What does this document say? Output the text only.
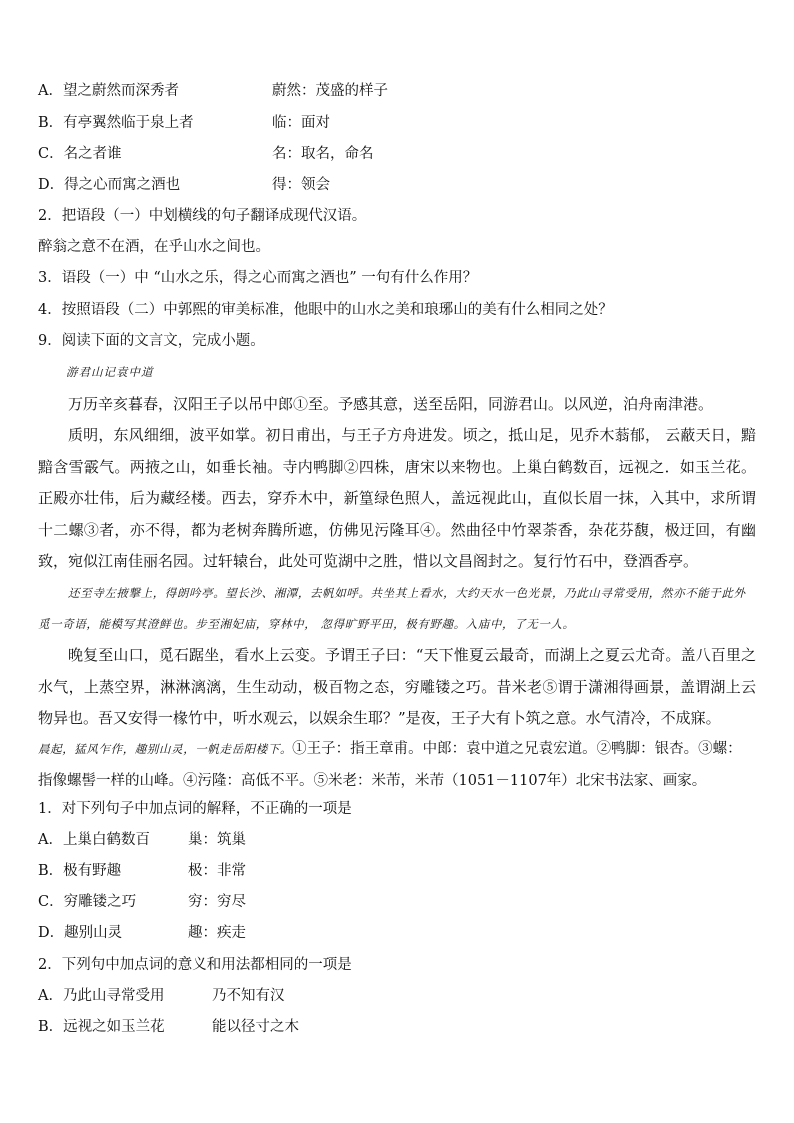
A．望之蔚然而深秀者	蔚然：茂盛的样子
B．有亭翼然临于泉上者	临：面对
C．名之者谁	名：取名，命名
D．得之心而寓之酒也	得：领会
2．把语段（一）中划横线的句子翻译成现代汉语。
醉翁之意不在酒，在乎山水之间也。
3．语段（一）中 “山水之乐，得之心而寓之酒也” 一句有什么作用？
4．按照语段（二）中郭熙的审美标准，他眼中的山水之美和琅琊山的美有什么相同之处？
9．阅读下面的文言文，完成小题。
游君山记袁中道
万历辛亥暮春，汉阳王子以吊中郎①至。予感其意，送至岳阳，同游君山。以风逆，泊舟南津港。
质明，东风细细，波平如掌。初日甫出，与王子方舟进发。顷之，抵山足，见乔木蓊郁， 云蔽天日，黯黯含雪霰气。两掖之山，如垂长袖。寺内鸭脚②四株，唐宋以来物也。上巢白鹤数百，远视之．如玉兰花。正殿亦壮伟，后为藏经楼。西去，穿乔木中，新篁绿色照人，盖远视此山，直似长眉一抹，入其中，求所谓十二螺③者，亦不得，都为老树奔腾所遮，仿佛见污隆耳④。然曲径中竹翠荼香，杂花芬馥，极迂回，有幽致，宛似江南佳丽名园。过轩辕台，此处可览湖中之胜，惜以文昌阁封之。复行竹石中，登酒香亭。
还至寺左掖撃上，得朗吟亭。望长沙、湘潭，去帆如呼。共坐其上看水，大约天水一色光景，乃此山寻常受用，然亦不能于此外觅一奇语，能模写其澄鲜也。步至湘妃庙，穿林中， 忽得旷野平田，极有野趣。入庙中，了无一人。
晚复至山口，觅石踞坐，看水上云变。予谓王子曰：“天下惟夏云最奇，而湖上之夏云尤奇。盖八百里之水气，上蒸空界，淋淋漓漓，生生动动，极百物之态，穷雕镂之巧。昔米老⑤谓于潇湘得画景，盖谓湖上云物异也。吾又安得一椽竹中，听水观云，以娱余生耶？”是夜，王子大有卜筑之意。水气清冷，不成寐。
晨起，猛风乍作，趣别山灵，一帆走岳阳楼下。①王子：指王章甫。中郎：袁中道之兄袁宏道。②鸭脚：银杏。③螺：指像螺髻一样的山峰。④污隆：高低不平。⑤米老：米芾，米芾（1051－1107年）北宋书法家、画家。
1．对下列句子中加点词的解释，不正确的一项是
A．上巢白鹤数百	巢：筑巢
B．极有野趣	极：非常
C．穷雕镂之巧	穷：穷尽
D．趣别山灵	趣：疾走
2．下列句中加点词的意义和用法都相同的一项是
A．乃此山寻常受用	乃不知有汉
B．远视之如玉兰花	能以径寸之木
